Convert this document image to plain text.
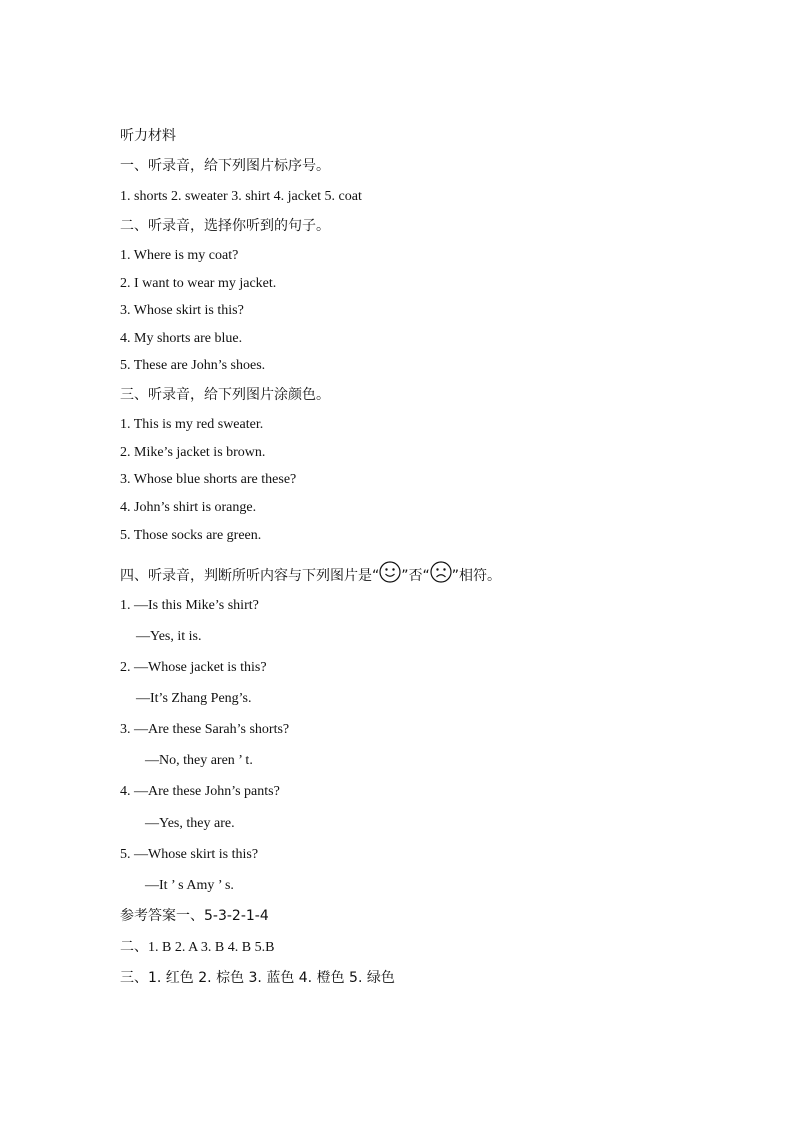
听力材料
一、听录音，给下列图片标序号。
1. shorts 2. sweater 3. shirt 4. jacket 5. coat
二、听录音，选择你听到的句子。
1. Where is my coat?
2. I want to wear my jacket.
3. Whose skirt is this?
4. My shorts are blue.
5. These are John’s shoes.
三、听录音，给下列图片涂颜色。
1. This is my red sweater.
2. Mike’s jacket is brown.
3. Whose blue shorts are these?
4. John’s shirt is orange.
5. Those socks are green.
四、听录音，判断所听内容与下列图片是“ ”否“ ”相符。
1. —Is this Mike’s shirt?
—Yes, it is.
2. —Whose jacket is this?
—It’s Zhang Peng’s.
3. —Are these Sarah’s shorts?
—No, they aren ’ t.
4. —Are these John’s pants?
—Yes, they are.
5. —Whose skirt is this?
—It ’ s Amy ’ s.
参考答案一、5-3-2-1-4
二、1. B 2. A 3. B 4. B 5.B
三、1. 红色 2. 棕色 3. 蓝色 4. 橙色 5. 绿色
